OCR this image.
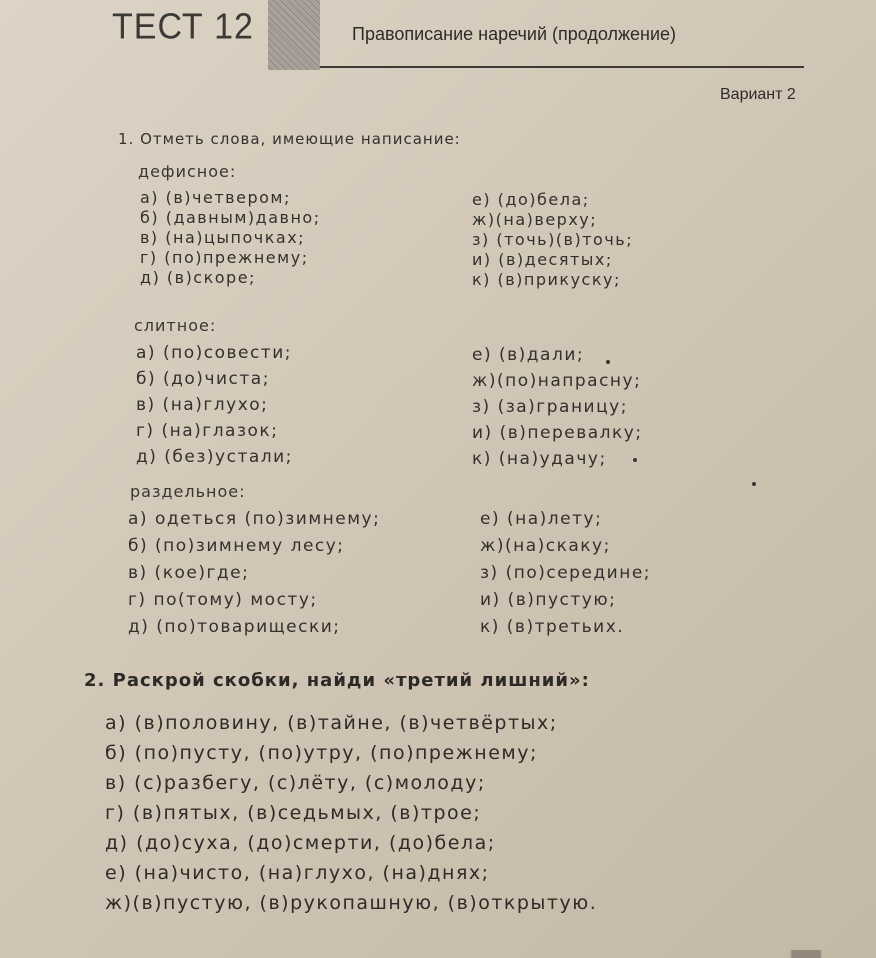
ТЕСТ 12	Правописание наречий (продолжение)
Вариант 2
1. Отметь слова, имеющие написание:
дефисное:
а) (в)четвером;
б) (давным)давно;
в) (на)цыпочках;
г) (по)прежнему;
д) (в)скоре;
е) (до)бела;
ж)(на)верху;
з) (точь)(в)точь;
и) (в)десятых;
к) (в)прикуску;
слитное:
а) (по)совести;
б) (до)чиста;
в) (на)глухо;
г) (на)глазок;
д) (без)устали;
е) (в)дали;
ж)(по)напрасну;
з) (за)границу;
и) (в)перевалку;
к) (на)удачу;
раздельное:
а) одеться (по)зимнему;
б) (по)зимнему лесу;
в) (кое)где;
г) по(тому) мосту;
д) (по)товарищески;
е) (на)лету;
ж)(на)скаку;
з) (по)середине;
и) (в)пустую;
к) (в)третьих.
2. Раскрой скобки, найди «третий лишний»:
а) (в)половину, (в)тайне, (в)четвёртых;
б) (по)пусту, (по)утру, (по)прежнему;
в) (с)разбегу, (с)лёту, (с)молоду;
г) (в)пятых, (в)седьмых, (в)трое;
д) (до)суха, (до)смерти, (до)бела;
е) (на)чисто, (на)глухо, (на)днях;
ж)(в)пустую, (в)рукопашную, (в)открытую.
